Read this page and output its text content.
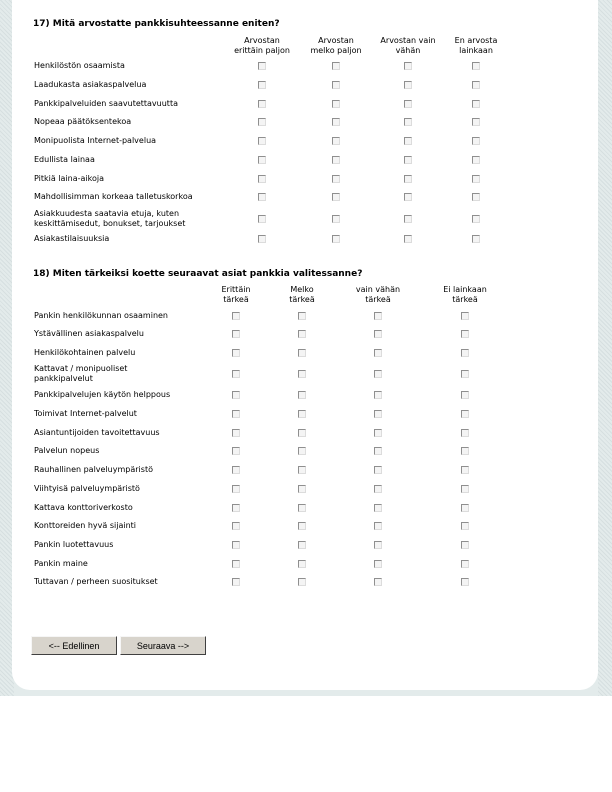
17) Mitä arvostatte pankkisuhteessanne eniten?
Arvostan
erittäin paljon
Arvostan
melko paljon
Arvostan vain
vähän
En arvosta
lainkaan
Henkilöstön osaamista
Laadukasta asiakaspalvelua
Pankkipalveluiden saavutettavuutta
Nopeaa päätöksentekoa
Monipuolista Internet-palvelua
Edullista lainaa
Pitkiä laina-aikoja
Mahdollisimman korkeaa talletuskorkoa
Asiakkuudesta saatavia etuja, kuten
keskittämisedut, bonukset, tarjoukset
Asiakastilaisuuksia
18) Miten tärkeiksi koette seuraavat asiat pankkia valitessanne?
Erittäin
tärkeä
Melko
tärkeä
vain vähän
tärkeä
Ei lainkaan
tärkeä
Pankin henkilökunnan osaaminen
Ystävällinen asiakaspalvelu
Henkilökohtainen palvelu
Kattavat / monipuoliset
pankkipalvelut
Pankkipalvelujen käytön helppous
Toimivat Internet-palvelut
Asiantuntijoiden tavoitettavuus
Palvelun nopeus
Rauhallinen palveluympäristö
Viihtyisä palveluympäristö
Kattava konttoriverkosto
Konttoreiden hyvä sijainti
Pankin luotettavuus
Pankin maine
Tuttavan / perheen suositukset
<-- Edellinen	Seuraava -->
